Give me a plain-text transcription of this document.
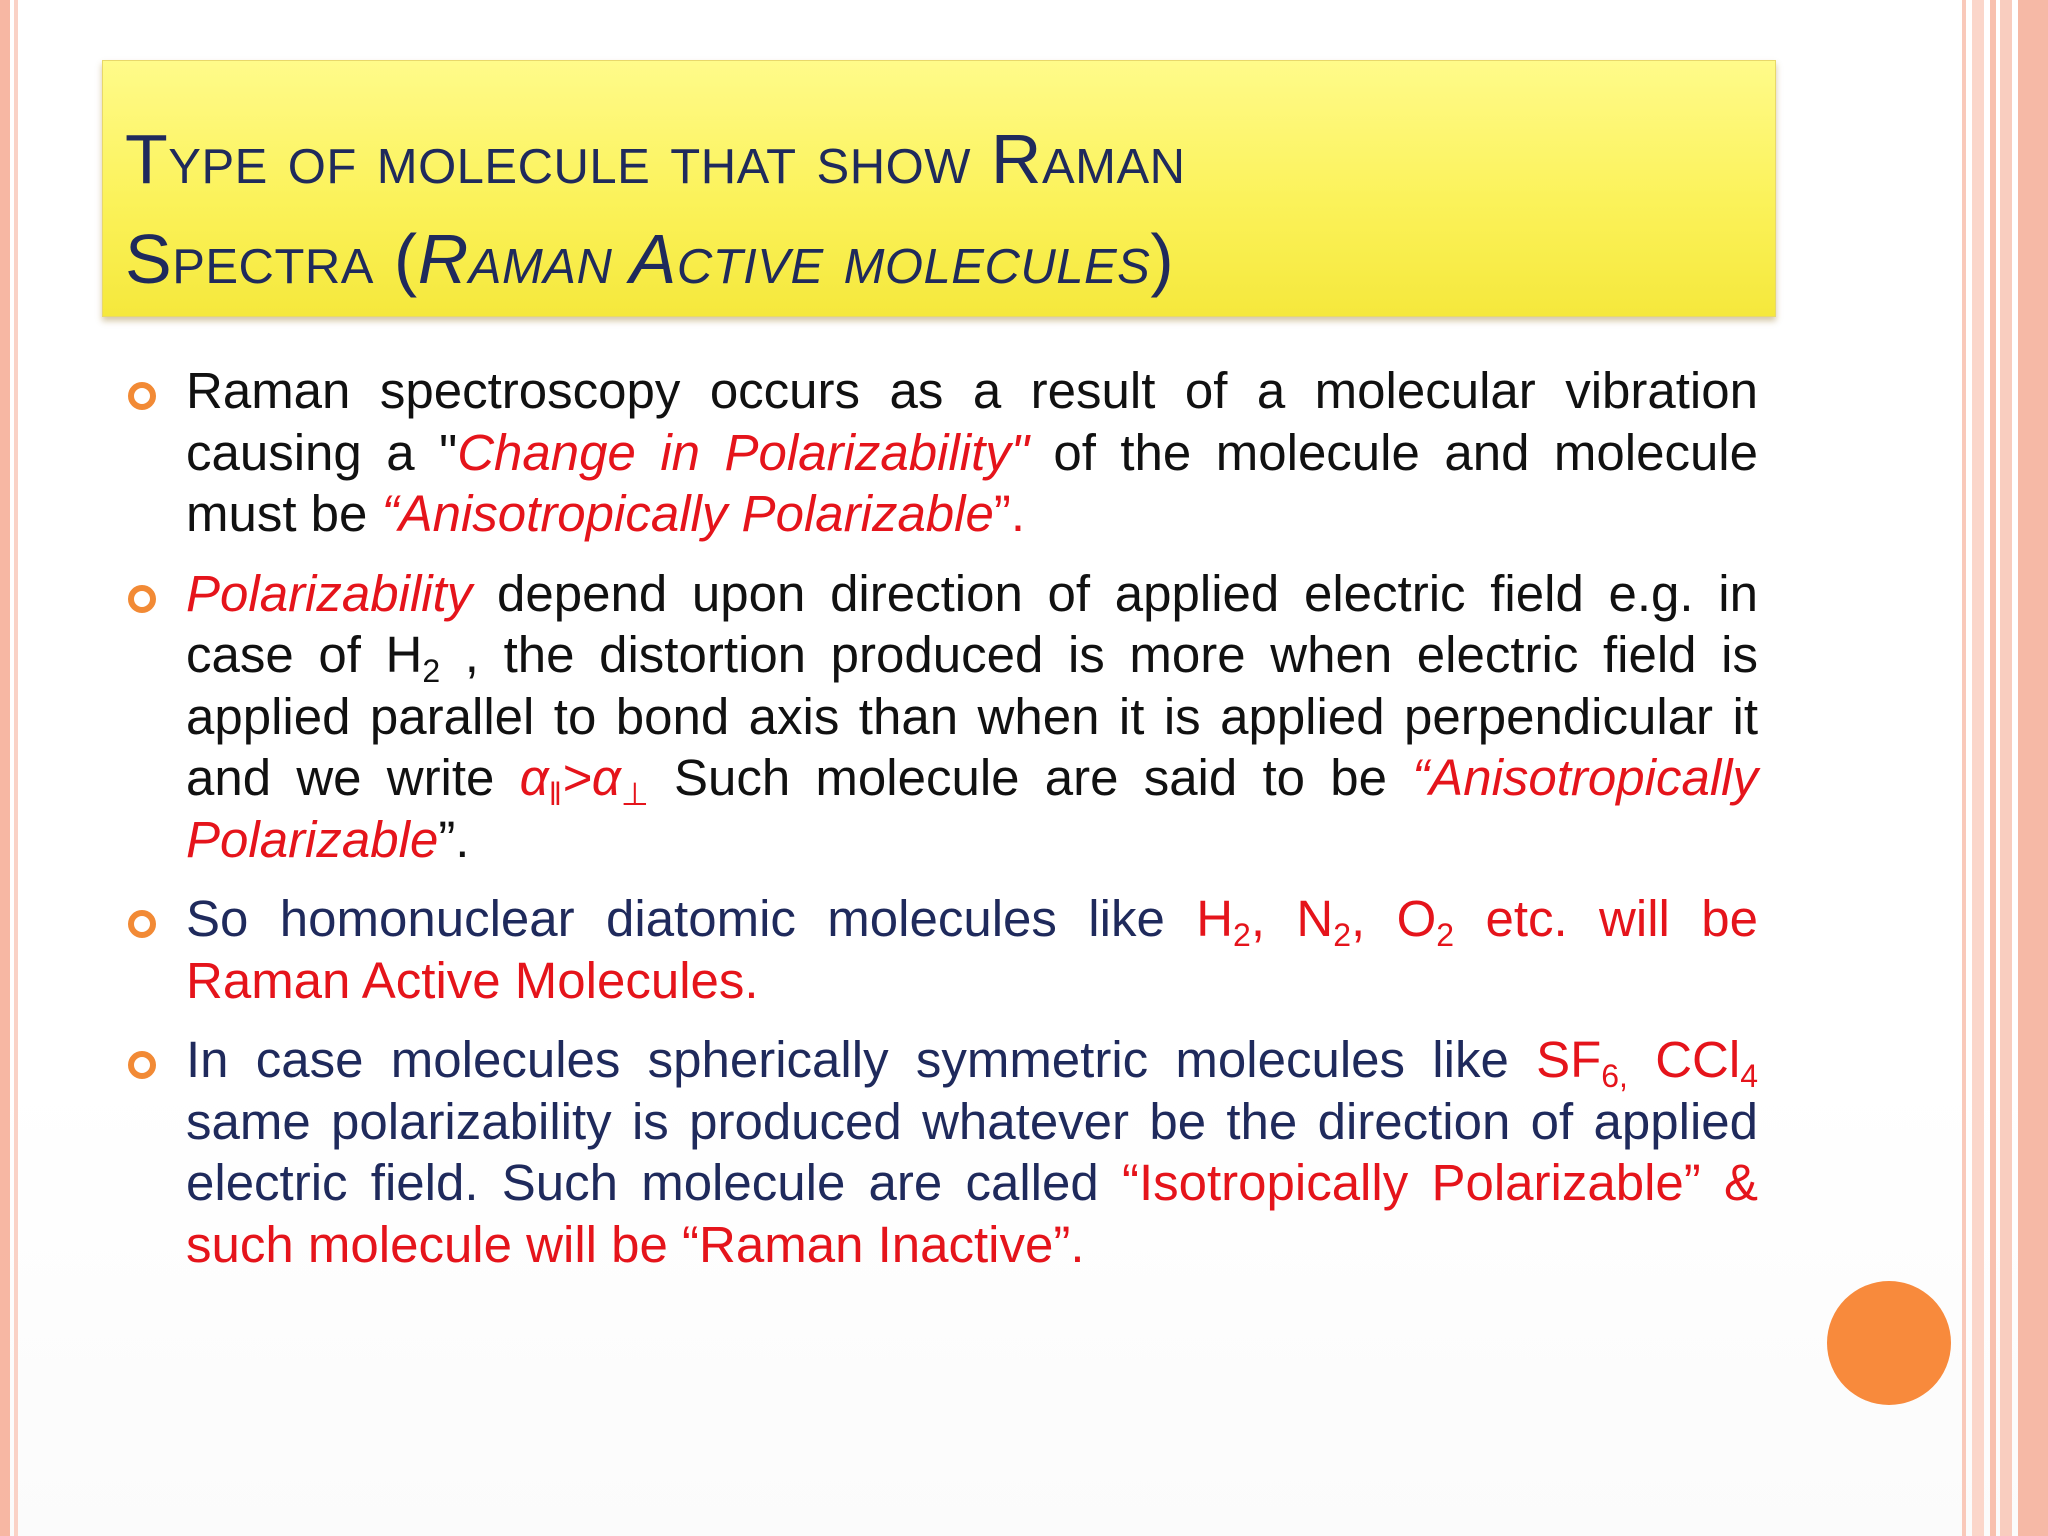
Type of molecule that show Raman
Spectra (Raman Active molecules)
Raman spectroscopy occurs as a result of a molecular vibration causing a "Change in Polarizability" of the molecule and molecule must be “Anisotropically Polarizable”.
Polarizability depend upon direction of applied electric field e.g. in case of $H_2$ , the distortion produced is more when electric field is applied parallel to bond axis than when it is applied perpendicular it and we write $\alpha_‖>\alpha_\perp$ Such molecule are said to be “Anisotropically Polarizable”.
So homonuclear diatomic molecules like $H_2$, $N_2$, $O_2$ etc. will be Raman Active Molecules.
In case molecules spherically symmetric molecules like $SF_{6,}$ CCl$_4$ same polarizability is produced whatever be the direction of applied electric field. Such molecule are called “Isotropically Polarizable” & such molecule will be “Raman Inactive”.
